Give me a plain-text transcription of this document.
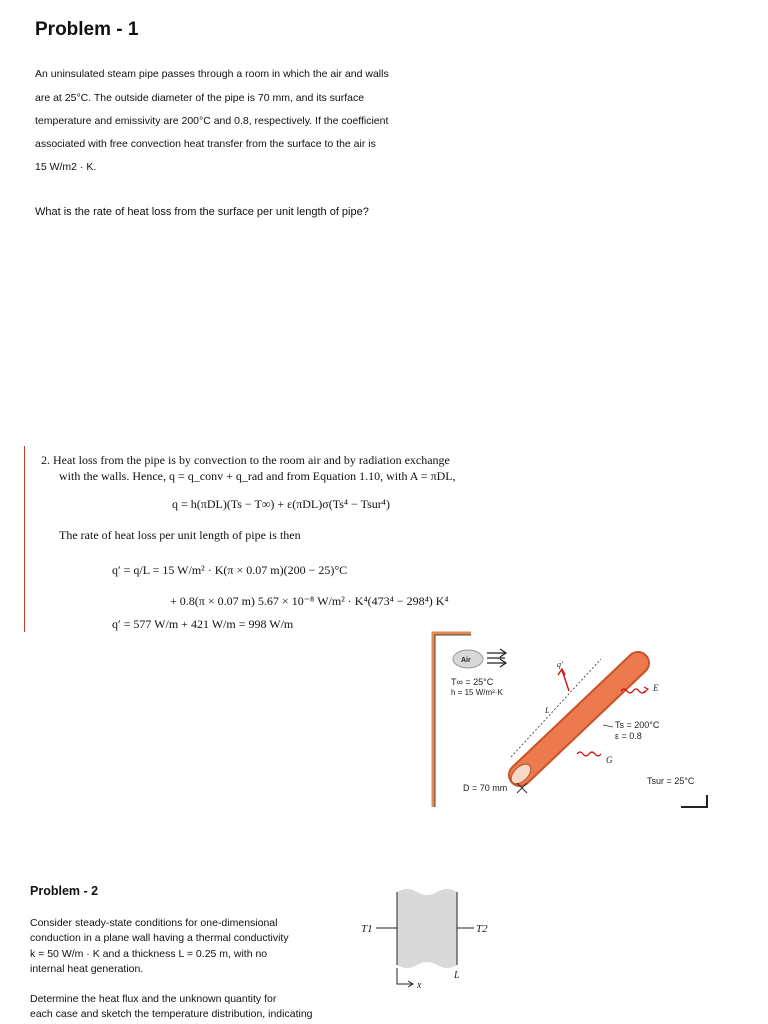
Problem - 1
An uninsulated steam pipe passes through a room in which the air and walls
are at 25°C. The outside diameter of the pipe is 70 mm, and its surface
temperature and emissivity are 200°C and 0.8, respectively. If the coefficient
associated with free convection heat transfer from the surface to the air is
15 W/m2 · K.
What is the rate of heat loss from the surface per unit length of pipe?
2. Heat loss from the pipe is by convection to the room air and by radiation exchange
with the walls. Hence, q = q_conv + q_rad and from Equation 1.10, with A = πDL,
q = h(πDL)(Ts − T∞) + ε(πDL)σ(Ts⁴ − Tsur⁴)
The rate of heat loss per unit length of pipe is then
q′ = q/L = 15 W/m² · K(π × 0.07 m)(200 − 25)°C
+ 0.8(π × 0.07 m) 5.67 × 10⁻⁸ W/m² · K⁴(473⁴ − 298⁴) K⁴
q′ = 577 W/m + 421 W/m = 998 W/m
Air
T∞ = 25°C
h = 15 W/m²·K
L
q′
E
Ts = 200°C
ε = 0.8
G
D = 70 mm
Tsur = 25°C
Problem - 2
Consider steady-state conditions for one-dimensional
conduction in a plane wall having a thermal conductivity
k = 50 W/m · K and a thickness L = 0.25 m, with no
internal heat generation.
Determine the heat flux and the unknown quantity for
each case and sketch the temperature distribution, indicating
T1	T2
x
L
